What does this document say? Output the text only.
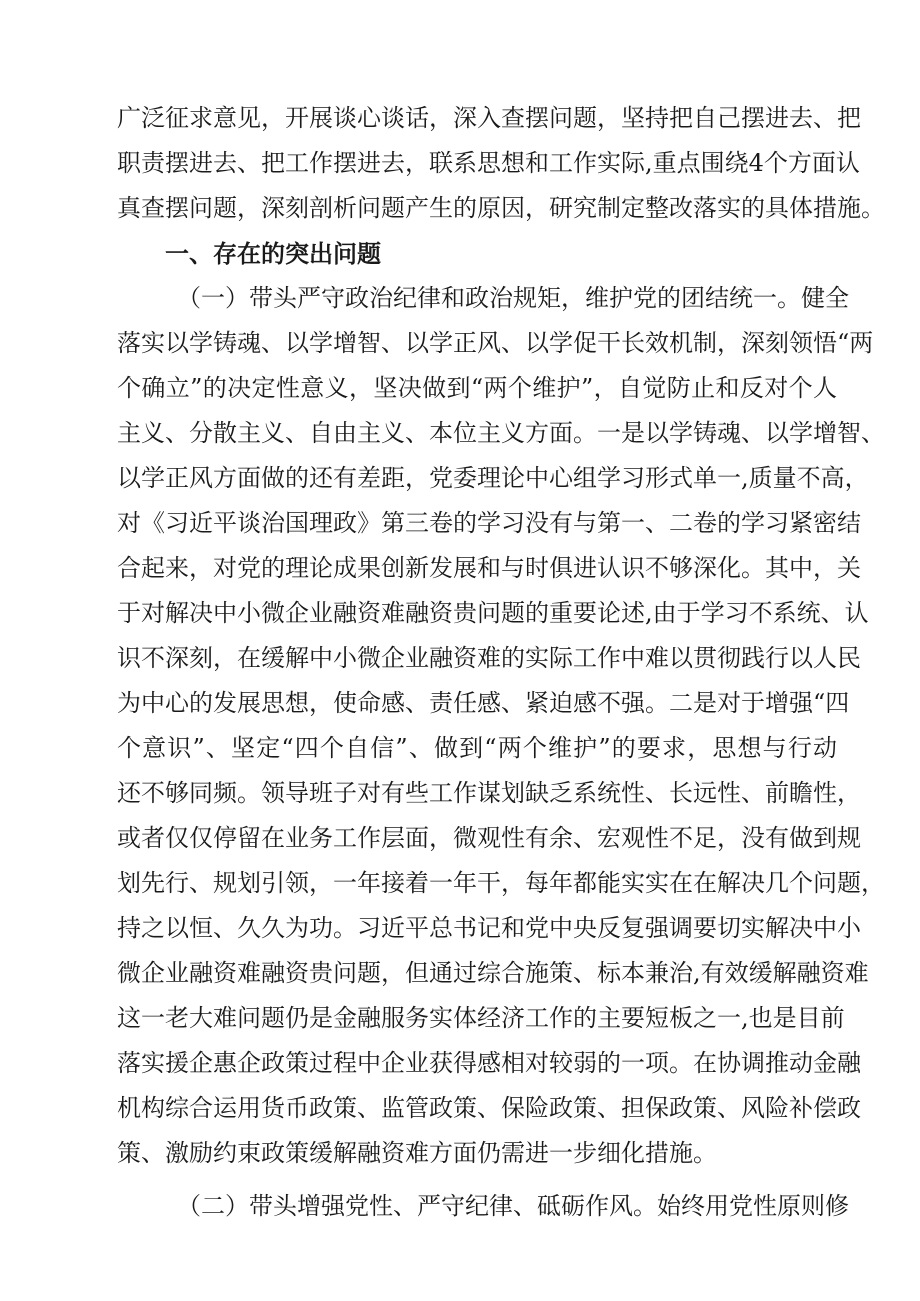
广泛征求意见，开展谈心谈话，深入查摆问题，坚持把自己摆进去、把
职责摆进去、把工作摆进去，联系思想和工作实际,重点围绕4个方面认
真查摆问题，深刻剖析问题产生的原因，研究制定整改落实的具体措施。
一、存在的突出问题
（一）带头严守政治纪律和政治规矩，维护党的团结统一。健全
落实以学铸魂、以学增智、以学正风、以学促干长效机制，深刻领悟“两
个确立”的决定性意义，坚决做到“两个维护”，自觉防止和反对个人
主义、分散主义、自由主义、本位主义方面。一是以学铸魂、以学增智、
以学正风方面做的还有差距，党委理论中心组学习形式单一,质量不高，
对《习近平谈治国理政》第三卷的学习没有与第一、二卷的学习紧密结
合起来，对党的理论成果创新发展和与时俱进认识不够深化。其中，关
于对解决中小微企业融资难融资贵问题的重要论述,由于学习不系统、认
识不深刻，在缓解中小微企业融资难的实际工作中难以贯彻践行以人民
为中心的发展思想，使命感、责任感、紧迫感不强。二是对于增强“四
个意识”、坚定“四个自信”、做到“两个维护”的要求，思想与行动
还不够同频。领导班子对有些工作谋划缺乏系统性、长远性、前瞻性，
或者仅仅停留在业务工作层面，微观性有余、宏观性不足，没有做到规
划先行、规划引领，一年接着一年干，每年都能实实在在解决几个问题，
持之以恒、久久为功。习近平总书记和党中央反复强调要切实解决中小
微企业融资难融资贵问题，但通过综合施策、标本兼治,有效缓解融资难
这一老大难问题仍是金融服务实体经济工作的主要短板之一,也是目前
落实援企惠企政策过程中企业获得感相对较弱的一项。在协调推动金融
机构综合运用货币政策、监管政策、保险政策、担保政策、风险补偿政
策、激励约束政策缓解融资难方面仍需进一步细化措施。
（二）带头增强党性、严守纪律、砥砺作风。始终用党性原则修
